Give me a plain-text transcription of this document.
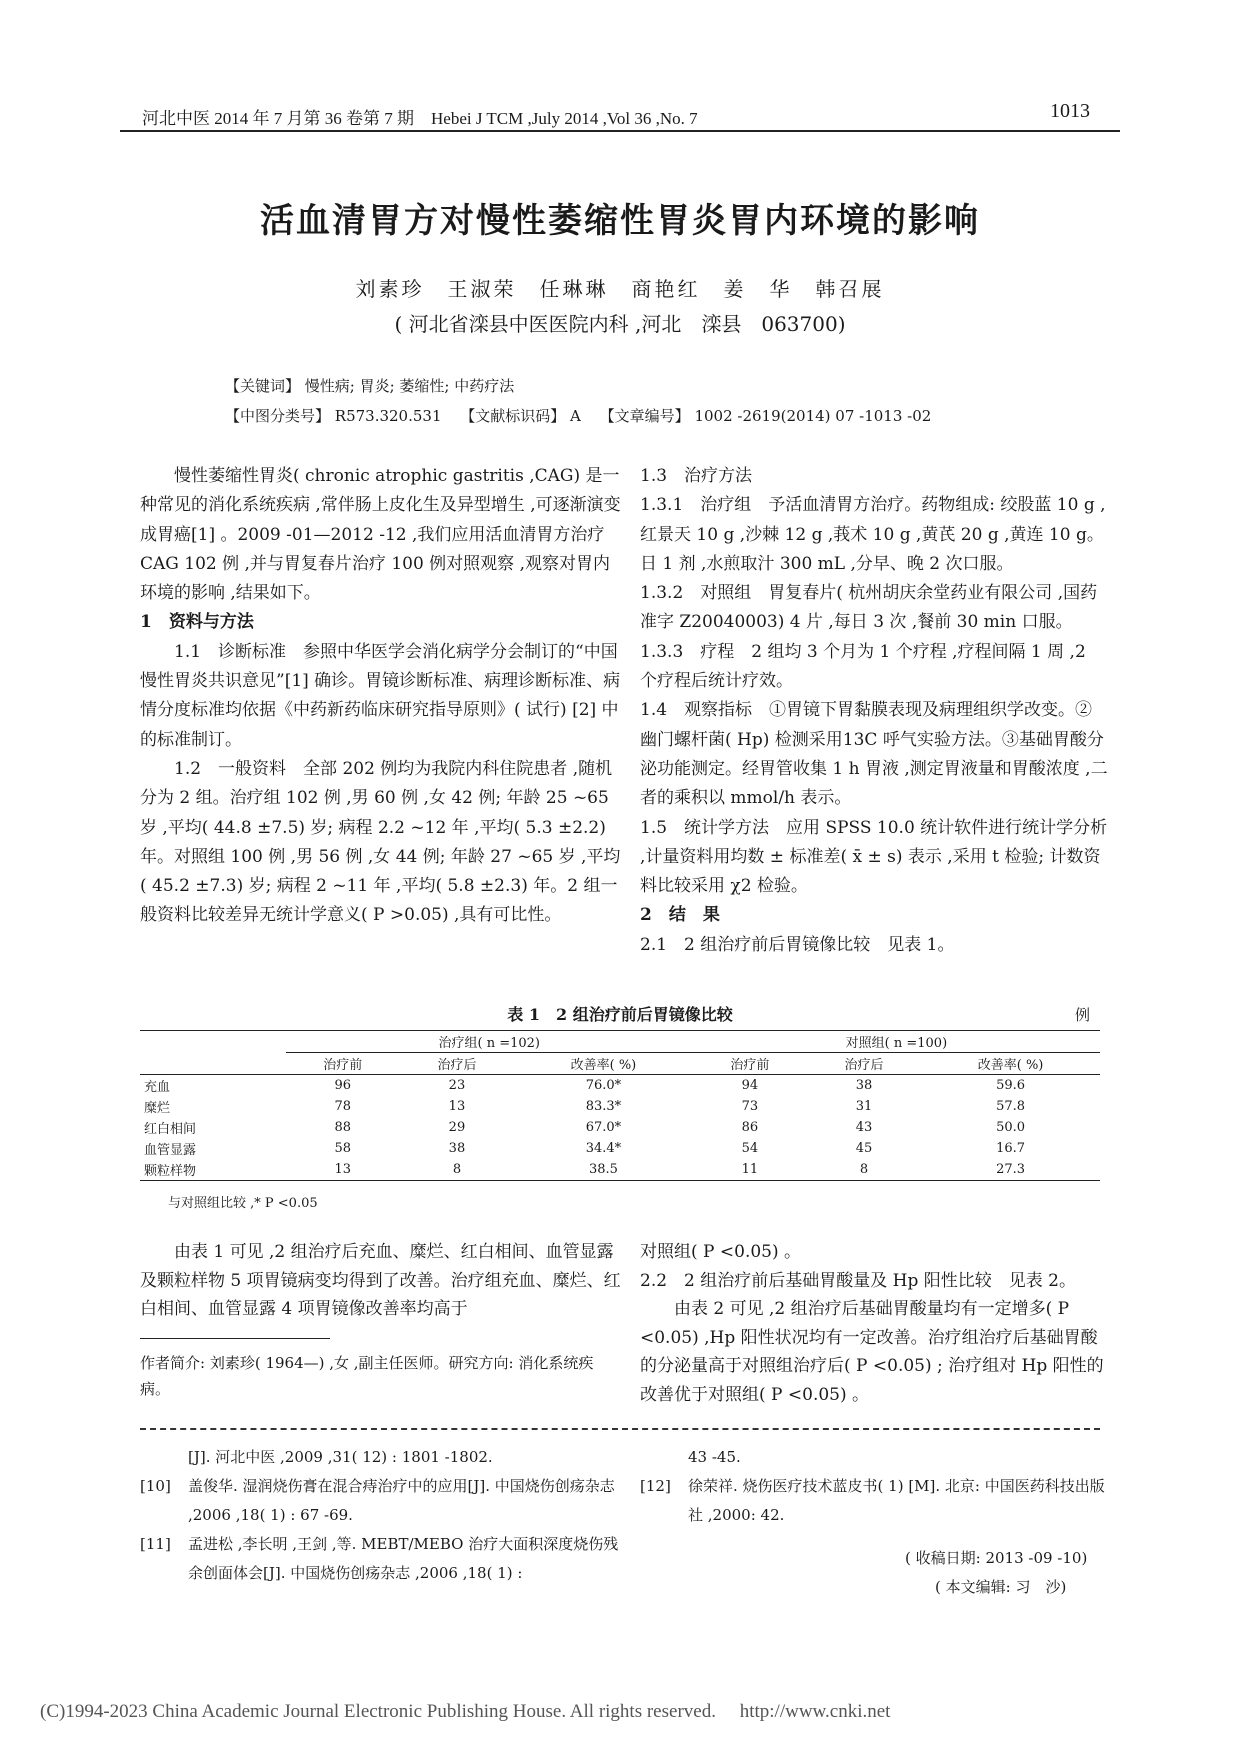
河北中医 2014 年 7 月第 36 卷第 7 期　Hebei J TCM ,July 2014 ,Vol 36 ,No. 7	1013
活血清胃方对慢性萎缩性胃炎胃内环境的影响
刘素珍　王淑荣　任琳琳　商艳红　姜　华　韩召展
( 河北省滦县中医医院内科 ,河北　滦县　063700)
【关键词】 慢性病; 胃炎; 萎缩性; 中药疗法
【中图分类号】 R573.320.531 【文献标识码】 A 【文章编号】 1002 -2619(2014) 07 -1013 -02

慢性萎缩性胃炎( chronic atrophic gastritis ,CAG) 是一种常见的消化系统疾病 ,常伴肠上皮化生及异型增生 ,可逐渐演变成胃癌[1] 。2009 -01—2012 -12 ,我们应用活血清胃方治疗 CAG 102 例 ,并与胃复春片治疗 100 例对照观察 ,观察对胃内环境的影响 ,结果如下。

1　资料与方法

1.1　诊断标准　参照中华医学会消化病学分会制订的“中国慢性胃炎共识意见”[1] 确诊。胃镜诊断标准、病理诊断标准、病情分度标准均依据《中药新药临床研究指导原则》( 试行) [2] 中的标准制订。

1.2　一般资料　全部 202 例均为我院内科住院患者 ,随机分为 2 组。治疗组 102 例 ,男 60 例 ,女 42 例; 年龄 25 ~65 岁 ,平均( 44.8 ±7.5) 岁; 病程 2.2 ~12 年 ,平均( 5.3 ±2.2) 年。对照组 100 例 ,男 56 例 ,女 44 例; 年龄 27 ~65 岁 ,平均( 45.2 ±7.3) 岁; 病程 2 ~11 年 ,平均( 5.8 ±2.3) 年。2 组一般资料比较差异无统计学意义( P >0.05) ,具有可比性。

1.3　治疗方法

1.3.1　治疗组　予活血清胃方治疗。药物组成: 绞股蓝 10 g ,红景天 10 g ,沙棘 12 g ,莪术 10 g ,黄芪 20 g ,黄连 10 g。日 1 剂 ,水煎取汁 300 mL ,分早、晚 2 次口服。

1.3.2　对照组　胃复春片( 杭州胡庆余堂药业有限公司 ,国药准字 Z20040003) 4 片 ,每日 3 次 ,餐前 30 min 口服。

1.3.3　疗程　2 组均 3 个月为 1 个疗程 ,疗程间隔 1 周 ,2 个疗程后统计疗效。

1.4　观察指标　①胃镜下胃黏膜表现及病理组织学改变。②幽门螺杆菌( Hp) 检测采用13C 呼气实验方法。③基础胃酸分泌功能测定。经胃管收集 1 h 胃液 ,测定胃液量和胃酸浓度 ,二者的乘积以 mmol/h 表示。

1.5　统计学方法　应用 SPSS 10.0 统计软件进行统计学分析 ,计量资料用均数 ± 标准差( x̄ ± s) 表示 ,采用 t 检验; 计数资料比较采用 χ2 检验。

2　结　果

2.1　2 组治疗前后胃镜像比较　见表 1。

表 1　2 组治疗前后胃镜像比较	例
	治疗组( n =102)			对照组( n =100)		
	治疗前	治疗后	改善率( %)	治疗前	治疗后	改善率( %)
充血	96	23	76.0*	94	38	59.6
糜烂	78	13	83.3*	73	31	57.8
红白相间	88	29	67.0*	86	43	50.0
血管显露	58	38	34.4*	54	45	16.7
颗粒样物	13	8	38.5	11	8	27.3
与对照组比较 ,* P <0.05

由表 1 可见 ,2 组治疗后充血、糜烂、红白相间、血管显露及颗粒样物 5 项胃镜病变均得到了改善。治疗组充血、糜烂、红白相间、血管显露 4 项胃镜像改善率均高于

对照组( P <0.05) 。

2.2　2 组治疗前后基础胃酸量及 Hp 阳性比较　见表 2。

由表 2 可见 ,2 组治疗后基础胃酸量均有一定增多( P <0.05) ,Hp 阳性状况均有一定改善。治疗组治疗后基础胃酸的分泌量高于对照组治疗后( P <0.05) ; 治疗组对 Hp 阳性的改善优于对照组( P <0.05) 。

作者简介: 刘素珍( 1964—) ,女 ,副主任医师。研究方向: 消化系统疾病。
[J]. 河北中医 ,2009 ,31( 12) : 1801 -1802.
[10]	盖俊华. 湿润烧伤膏在混合痔治疗中的应用[J]. 中国烧伤创疡杂志 ,2006 ,18( 1) : 67 -69.
[11]	孟进松 ,李长明 ,王剑 ,等. MEBT/MEBO 治疗大面积深度烧伤残余创面体会[J]. 中国烧伤创疡杂志 ,2006 ,18( 1) :
43 -45.
[12]	徐荣祥. 烧伤医疗技术蓝皮书( 1) [M]. 北京: 中国医药科技出版社 ,2000: 42.
( 收稿日期: 2013 -09 -10)
( 本文编辑: 习　沙)
(C)1994-2023 China Academic Journal Electronic Publishing House. All rights reserved.　 http://www.cnki.net
